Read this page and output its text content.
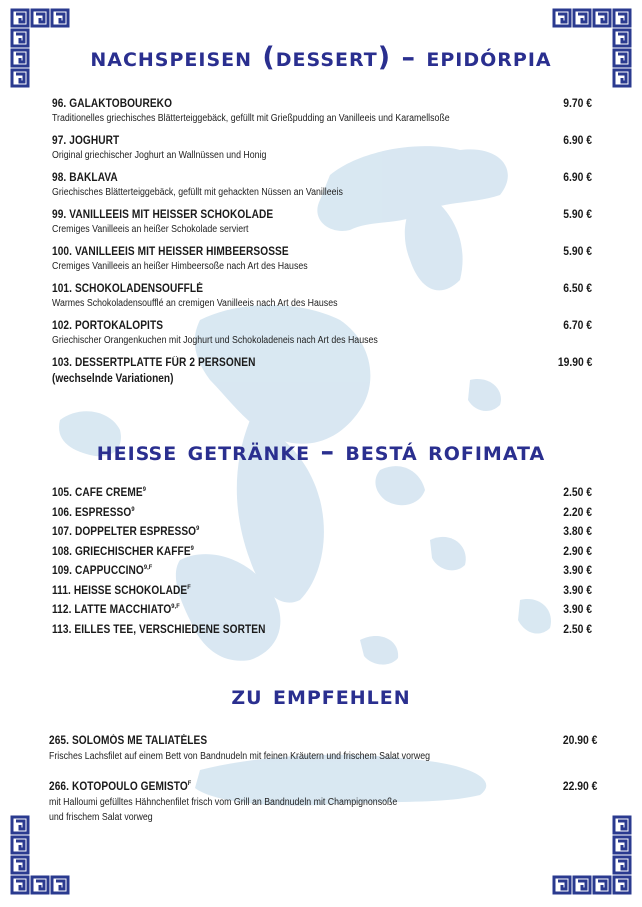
nachspeisen (dessert) – epidórpia
96. GALAKTOBOUREKO	9.70 €
Traditionelles griechisches Blätterteiggebäck, gefüllt mit Grießpudding an Vanilleeis und Karamellsoße
97. JOGHURT	6.90 €
Original griechischer Joghurt an Wallnüssen und Honig
98. BAKLAVA	6.90 €
Griechisches Blätterteiggebäck, gefüllt mit gehackten Nüssen an Vanilleeis
99. VANILLEEIS MIT HEISSER SCHOKOLADE	5.90 €
Cremiges Vanilleeis an heißer Schokolade serviert
100. VANILLEEIS MIT HEISSER HIMBEERSOSSE	5.90 €
Cremiges Vanilleeis an heißer Himbeersoße nach Art des Hauses
101. SCHOKOLADENSOUFFLÉ	6.50 €
Warmes Schokoladensoufflé an cremigen Vanilleeis nach Art des Hauses
102. PORTOKALOPITS	6.70 €
Griechischer Orangenkuchen mit Joghurt und Schokoladeneis nach Art des Hauses
103. DESSERTPLATTE FÜR 2 PERSONEN	19.90 €
(wechselnde Variationen)
heiße getränke – bestá rofimata
105. CAFE CREME$^9$	2.50 €
106. ESPRESSO$^9$	2.20 €
107. DOPPELTER ESPRESSO$^9$	3.80 €
108. GRIECHISCHER KAFFE$^9$	2.90 €
109. $CAPPUCCINO^{9,F}$	3.90 €
111. HEISSE $SCHOKOLADE^F$	3.90 €
112. LATTE $MACCHIATO^{9,F}$	3.90 €
113. EILLES TEE, VERSCHIEDENE SORTEN	2.50 €
zu empfehlen
265. SOLOMÓS ME TALIATÉLES	20.90 €
Frisches Lachsfilet auf einem Bett von Bandnudeln mit feinen Kräutern und frischem Salat vorweg
266. KOTOPOULO $GEMISTO^F$	22.90 €
mit Halloumi gefülltes Hähnchenfilet frisch vom Grill an Bandnudeln mit Champignonsoße
und frischem Salat vorweg
